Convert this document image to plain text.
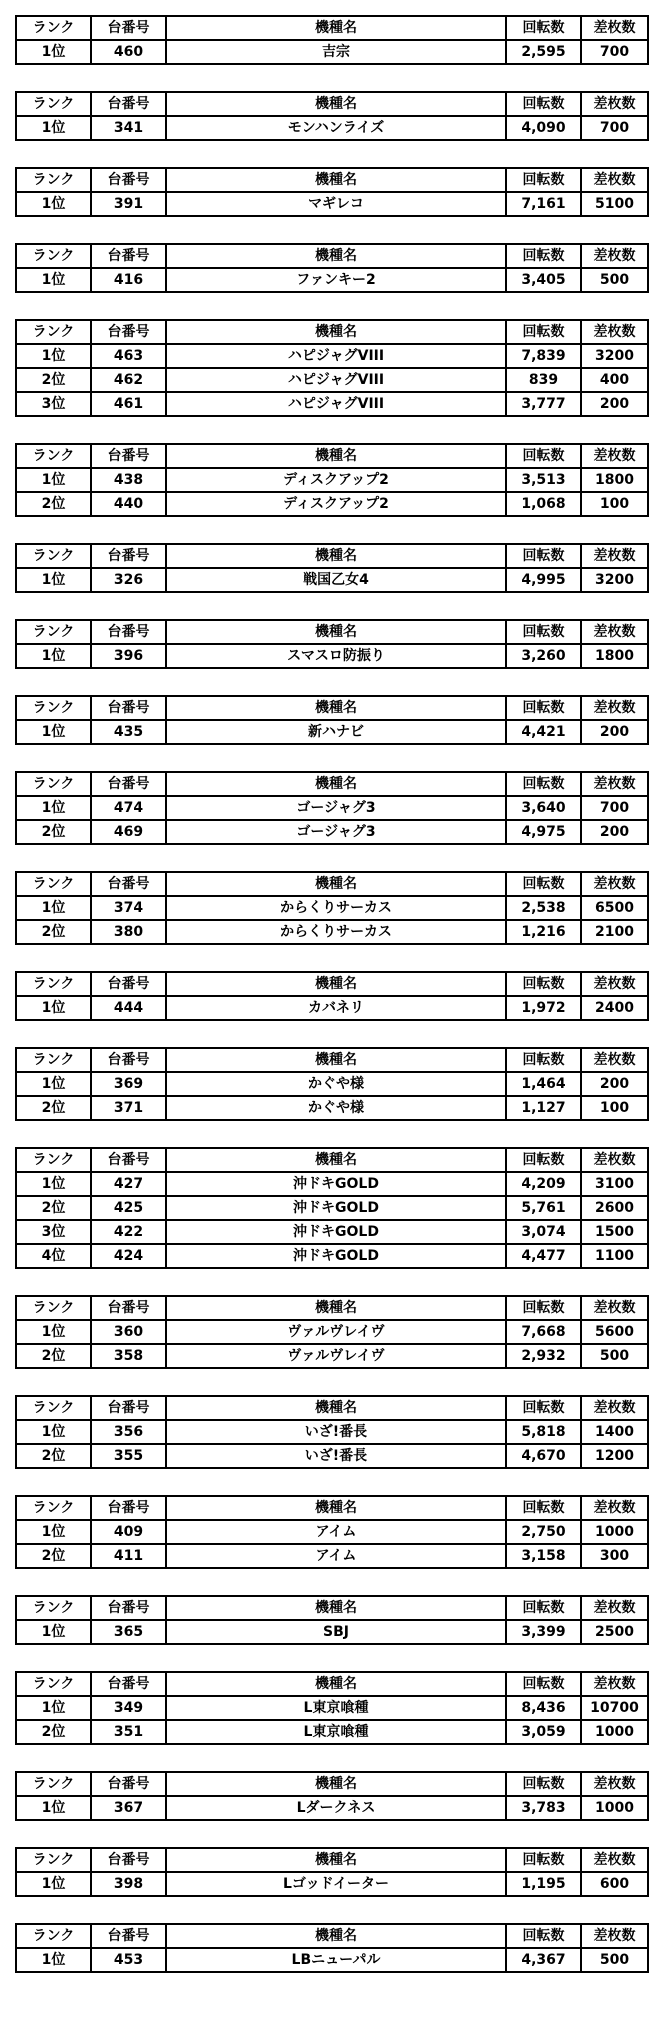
ランク	台番号	機種名	回転数	差枚数
1位	460	吉宗	2,595	700
ランク	台番号	機種名	回転数	差枚数
1位	341	モンハンライズ	4,090	700
ランク	台番号	機種名	回転数	差枚数
1位	391	マギレコ	7,161	5100
ランク	台番号	機種名	回転数	差枚数
1位	416	ファンキー2	3,405	500
ランク	台番号	機種名	回転数	差枚数
1位	463	ハピジャグVIII	7,839	3200
2位	462	ハピジャグVIII	839	400
3位	461	ハピジャグVIII	3,777	200
ランク	台番号	機種名	回転数	差枚数
1位	438	ディスクアップ2	3,513	1800
2位	440	ディスクアップ2	1,068	100
ランク	台番号	機種名	回転数	差枚数
1位	326	戦国乙女4	4,995	3200
ランク	台番号	機種名	回転数	差枚数
1位	396	スマスロ防振り	3,260	1800
ランク	台番号	機種名	回転数	差枚数
1位	435	新ハナビ	4,421	200
ランク	台番号	機種名	回転数	差枚数
1位	474	ゴージャグ3	3,640	700
2位	469	ゴージャグ3	4,975	200
ランク	台番号	機種名	回転数	差枚数
1位	374	からくりサーカス	2,538	6500
2位	380	からくりサーカス	1,216	2100
ランク	台番号	機種名	回転数	差枚数
1位	444	カバネリ	1,972	2400
ランク	台番号	機種名	回転数	差枚数
1位	369	かぐや様	1,464	200
2位	371	かぐや様	1,127	100
ランク	台番号	機種名	回転数	差枚数
1位	427	沖ドキGOLD	4,209	3100
2位	425	沖ドキGOLD	5,761	2600
3位	422	沖ドキGOLD	3,074	1500
4位	424	沖ドキGOLD	4,477	1100
ランク	台番号	機種名	回転数	差枚数
1位	360	ヴァルヴレイヴ	7,668	5600
2位	358	ヴァルヴレイヴ	2,932	500
ランク	台番号	機種名	回転数	差枚数
1位	356	いざ!番長	5,818	1400
2位	355	いざ!番長	4,670	1200
ランク	台番号	機種名	回転数	差枚数
1位	409	アイム	2,750	1000
2位	411	アイム	3,158	300
ランク	台番号	機種名	回転数	差枚数
1位	365	SBJ	3,399	2500
ランク	台番号	機種名	回転数	差枚数
1位	349	L東京喰種	8,436	10700
2位	351	L東京喰種	3,059	1000
ランク	台番号	機種名	回転数	差枚数
1位	367	Lダークネス	3,783	1000
ランク	台番号	機種名	回転数	差枚数
1位	398	Lゴッドイーター	1,195	600
ランク	台番号	機種名	回転数	差枚数
1位	453	LBニューパル	4,367	500
